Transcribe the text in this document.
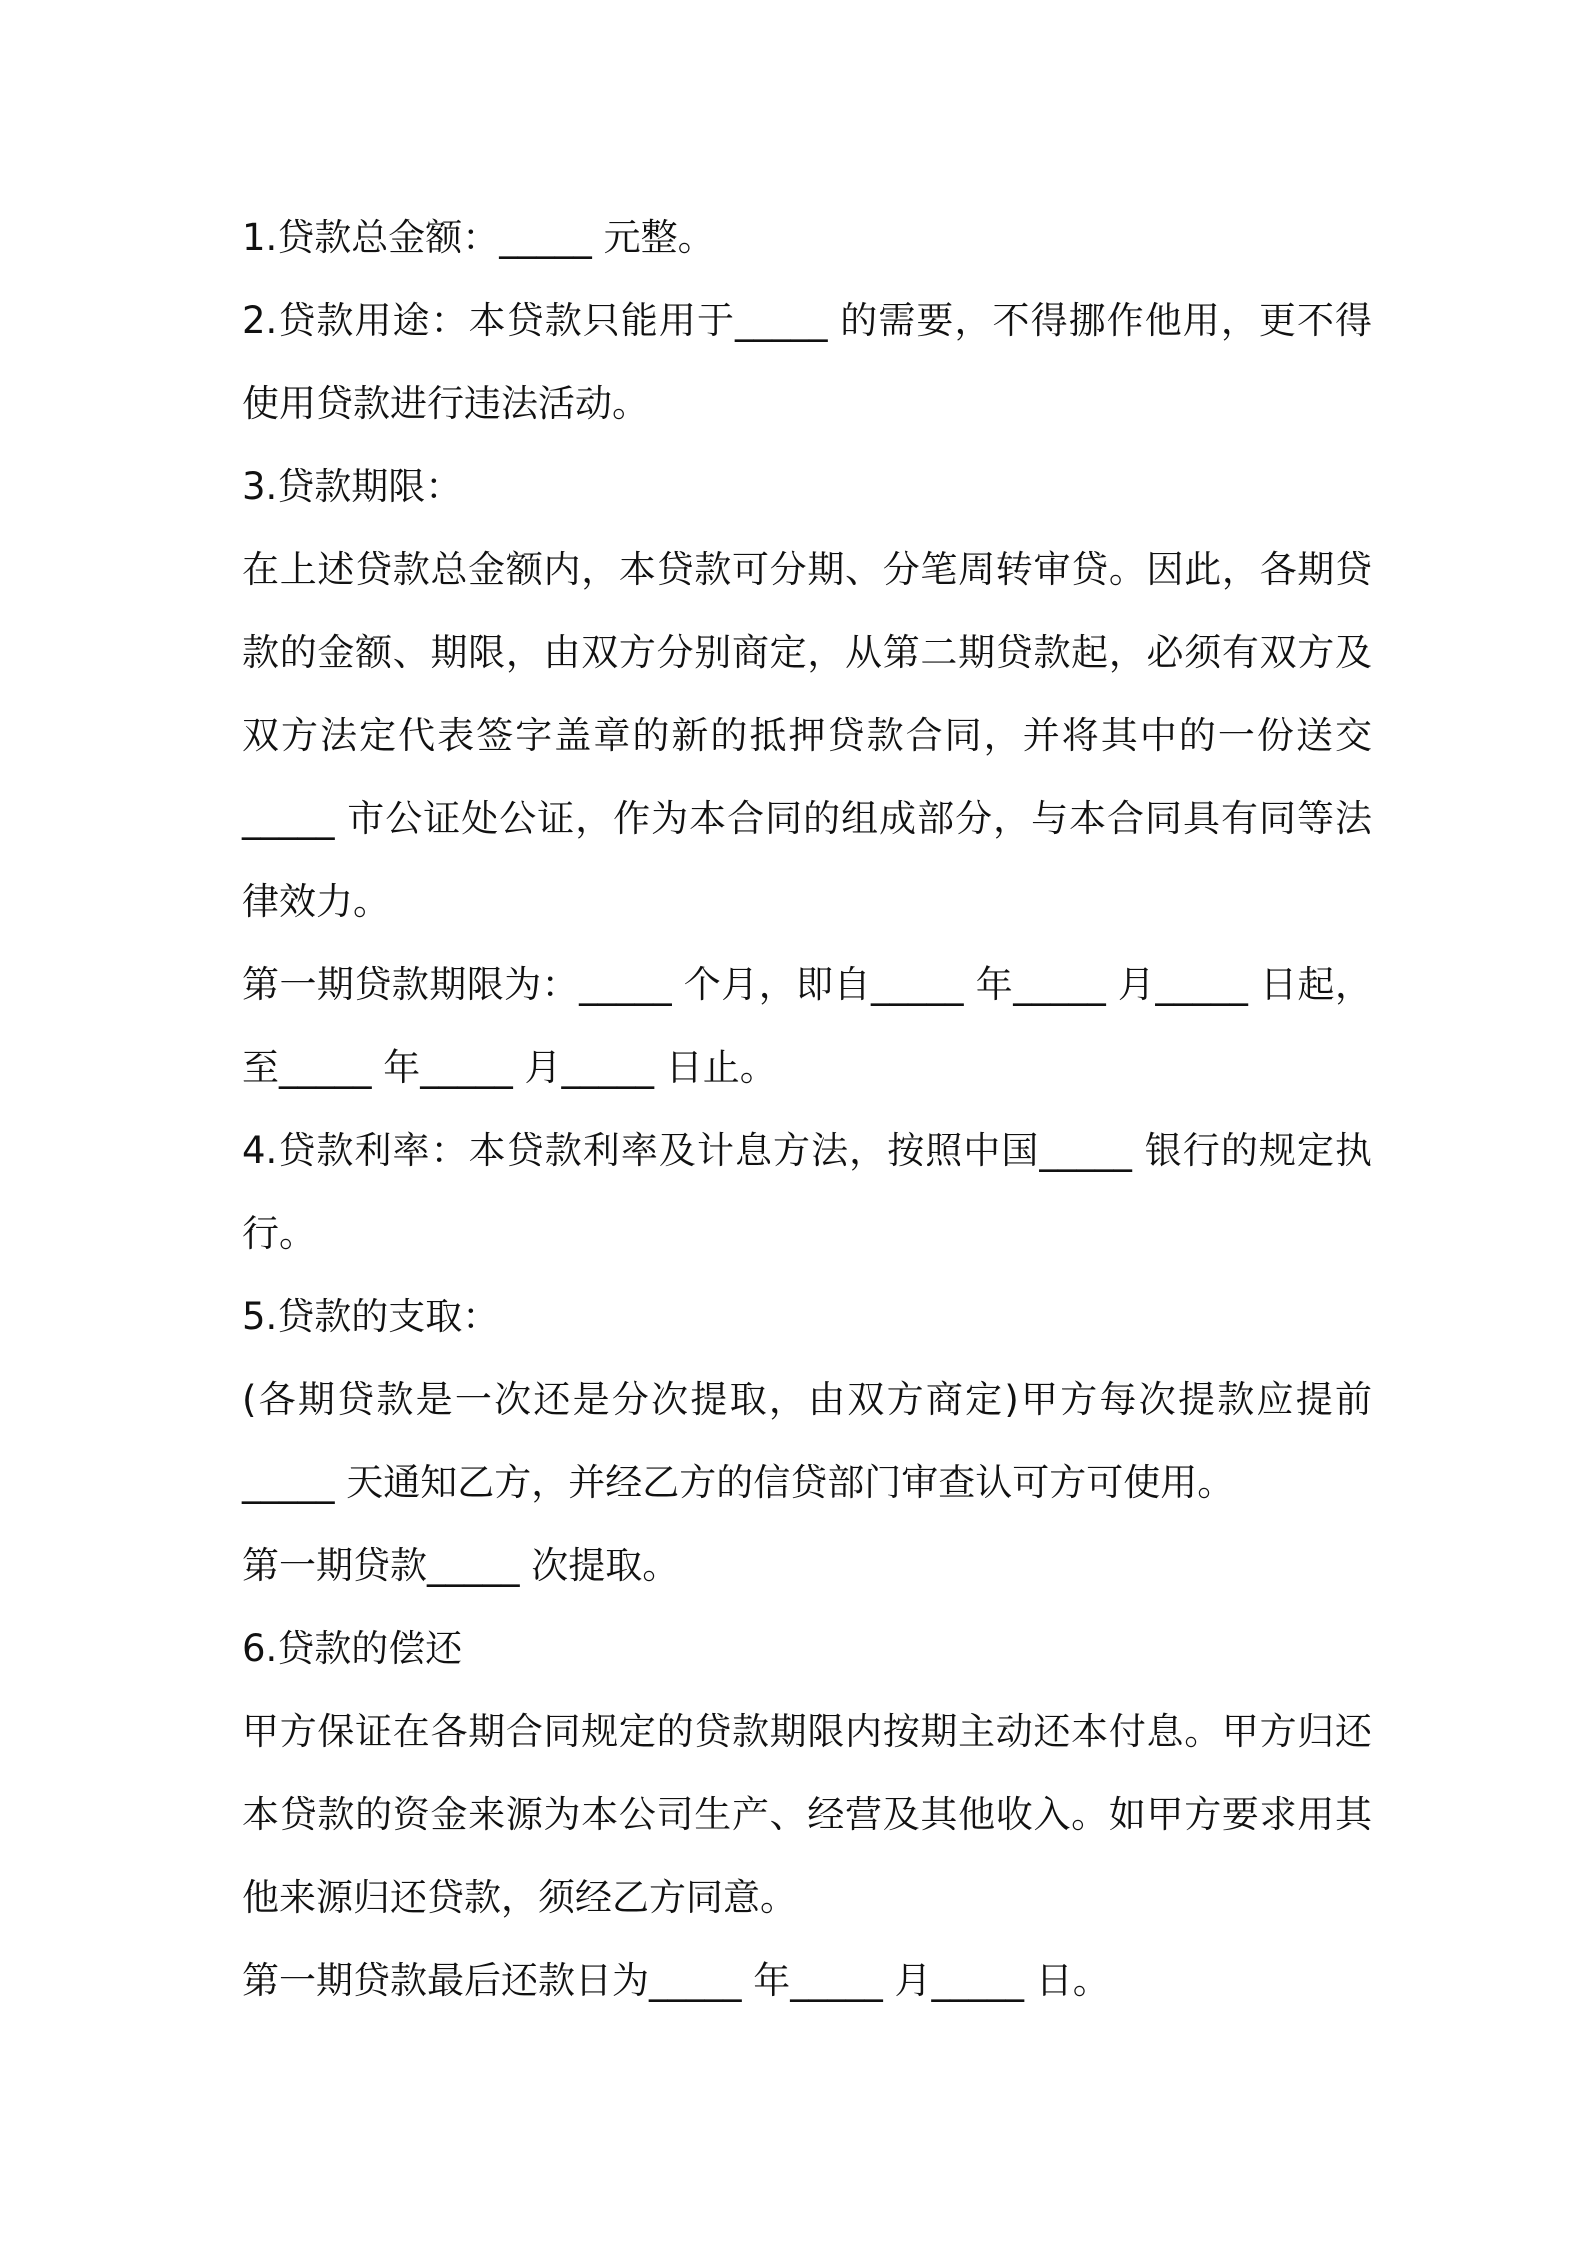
1.贷款总金额：_____ 元整。
2.贷款用途：本贷款只能用于_____ 的需要，不得挪作他用，更不得
使用贷款进行违法活动。
3.贷款期限：
在上述贷款总金额内，本贷款可分期、分笔周转审贷。因此，各期贷
款的金额、期限，由双方分别商定，从第二期贷款起，必须有双方及
双方法定代表签字盖章的新的抵押贷款合同，并将其中的一份送交
_____ 市公证处公证，作为本合同的组成部分，与本合同具有同等法
律效力。
第一期贷款期限为：_____ 个月，即自_____ 年_____ 月_____ 日起，
至_____ 年_____ 月_____ 日止。
4.贷款利率：本贷款利率及计息方法，按照中国_____ 银行的规定执
行。
5.贷款的支取：
(各期贷款是一次还是分次提取，由双方商定)甲方每次提款应提前
_____ 天通知乙方，并经乙方的信贷部门审查认可方可使用。
第一期贷款_____ 次提取。
6.贷款的偿还
甲方保证在各期合同规定的贷款期限内按期主动还本付息。甲方归还
本贷款的资金来源为本公司生产、经营及其他收入。如甲方要求用其
他来源归还贷款，须经乙方同意。
第一期贷款最后还款日为_____ 年_____ 月_____ 日。
